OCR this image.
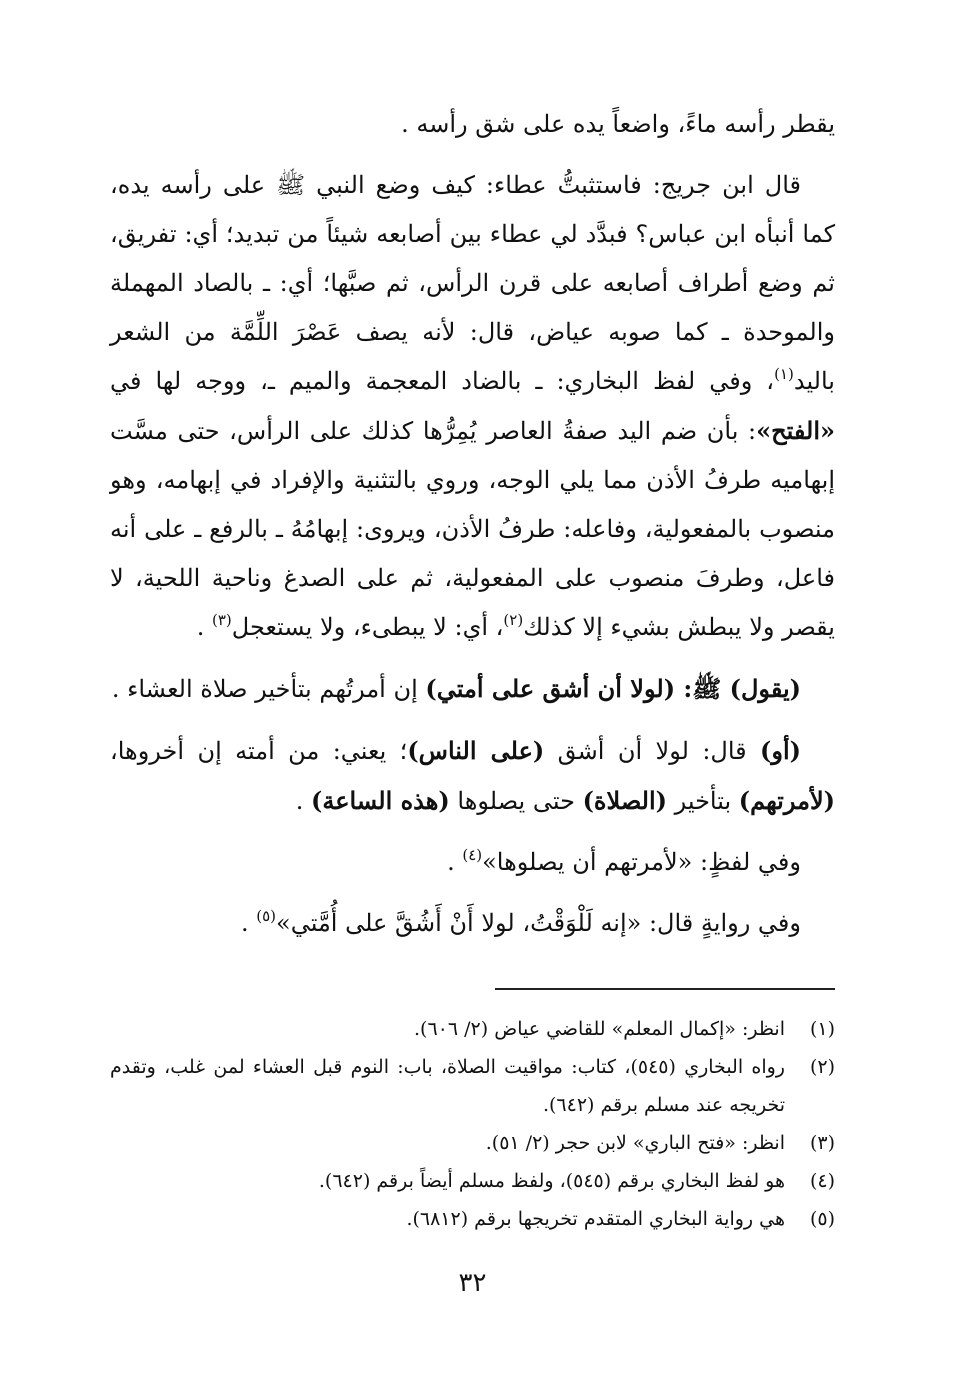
يقطر رأسه ماءً، واضعاً يده على شق رأسه .

قال ابن جريج: فاستثبتُّ عطاء: كيف وضع النبي ﷺ على رأسه يده، كما أنبأه ابن عباس؟ فبدَّد لي عطاء بين أصابعه شيئاً من تبديد؛ أي: تفريق، ثم وضع أطراف أصابعه على قرن الرأس، ثم صبَّها؛ أي: ـ بالصاد المهملة والموحدة ـ كما صوبه عياض، قال: لأنه يصف عَصْرَ اللِّمَّة من الشعر باليد$^{(١)}$، وفي لفظ البخاري: ـ بالضاد المعجمة والميم ـ، ووجه لها في «الفتح»: بأن ضم اليد صفةُ العاصر يُمِرُّها كذلك على الرأس، حتى مسَّت إبهاميه طرفُ الأذن مما يلي الوجه، وروي بالتثنية والإفراد في إبهامه، وهو منصوب بالمفعولية، وفاعله: طرفُ الأذن، ويروى: إبهامُهُ ـ بالرفع ـ على أنه فاعل، وطرفَ منصوب على المفعولية، ثم على الصدغ وناحية اللحية، لا يقصر ولا يبطش بشيء إلا كذلك$^{(٢)}$، أي: لا يبطىء، ولا يستعجل$^{(٣)}$ .

(يقول) ﷺ: (لولا أن أشق على أمتي) إن أمرتُهم بتأخير صلاة العشاء .

(أو) قال: لولا أن أشق (على الناس)؛ يعني: من أمته إن أخروها، (لأمرتهم) بتأخير (الصلاة) حتى يصلوها (هذه الساعة) .

وفي لفظٍ: «لأمرتهم أن يصلوها»$^{(٤)}$ .

وفي روايةٍ قال: «إنه لَلْوَقْتُ، لولا أَنْ أَشُقَّ على أُمَّتي»$^{(٥)}$ .

(١)
انظر: «إكمال المعلم» للقاضي عياض (٢/ ٦٠٦).
(٢)
رواه البخاري (٥٤٥)، كتاب: مواقيت الصلاة، باب: النوم قبل العشاء لمن غلب، وتقدم تخريجه عند مسلم برقم (٦٤٢).
(٣)
انظر: «فتح الباري» لابن حجر (٢/ ٥١).
(٤)
هو لفظ البخاري برقم (٥٤٥)، ولفظ مسلم أيضاً برقم (٦٤٢).
(٥)
هي رواية البخاري المتقدم تخريجها برقم (٦٨١٢).
٣٢
